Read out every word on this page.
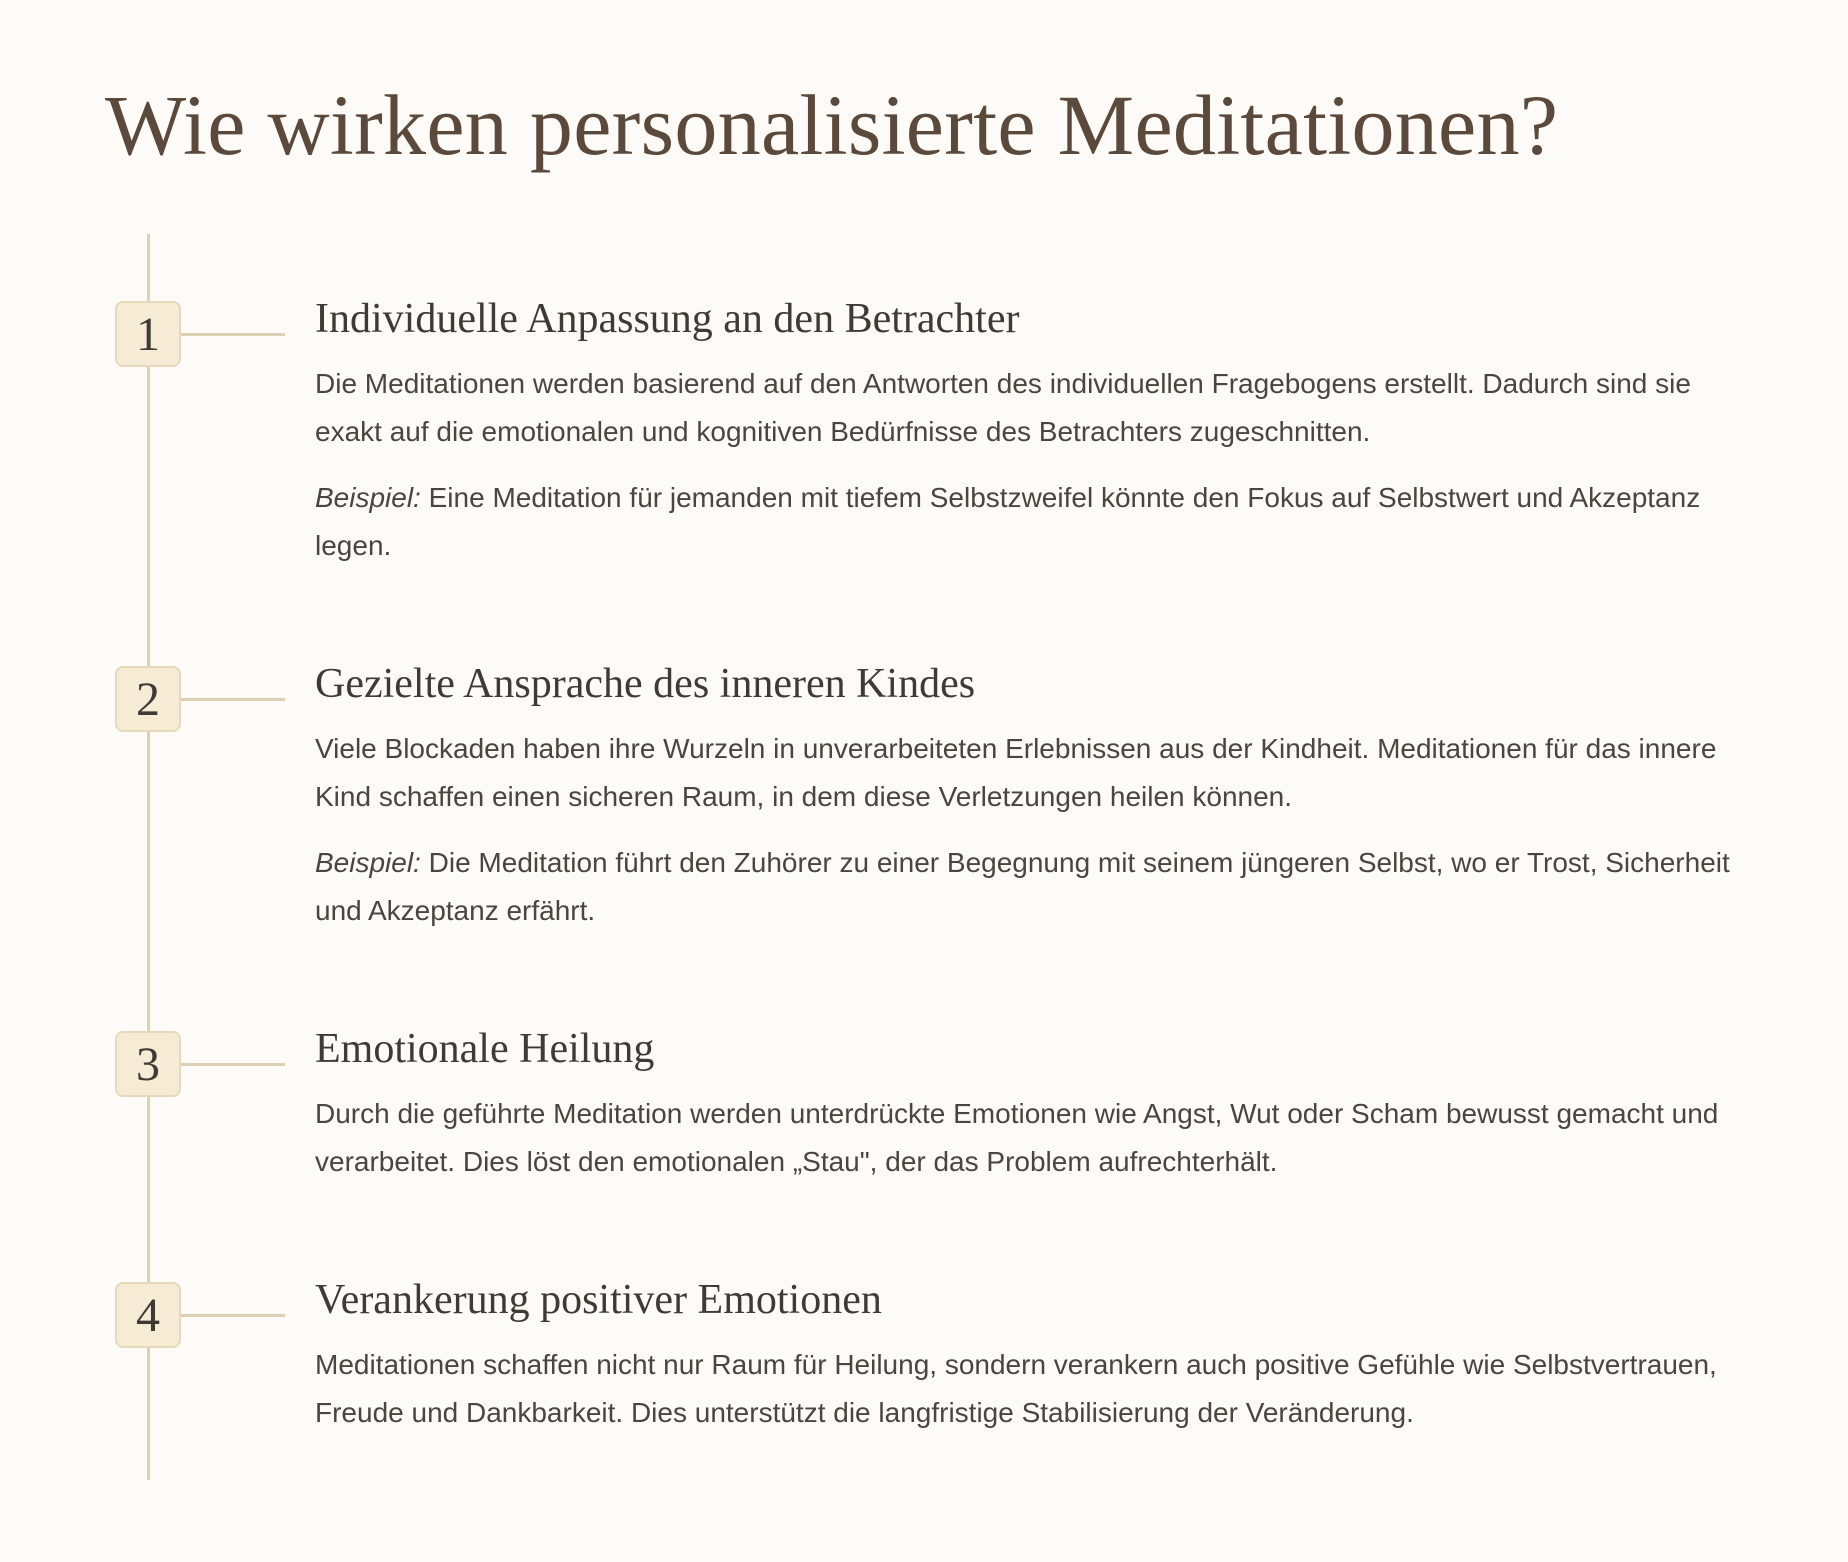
Wie wirken personalisierte Meditationen?
1	Individuelle Anpassung an den Betrachter

Die Meditationen werden basierend auf den Antworten des individuellen Fragebogens erstellt. Dadurch sind sie exakt auf die emotionalen und kognitiven Bedürfnisse des Betrachters zugeschnitten.

Beispiel: Eine Meditation für jemanden mit tiefem Selbstzweifel könnte den Fokus auf Selbstwert und Akzeptanz legen.

2	Gezielte Ansprache des inneren Kindes

Viele Blockaden haben ihre Wurzeln in unverarbeiteten Erlebnissen aus der Kindheit. Meditationen für das innere Kind schaffen einen sicheren Raum, in dem diese Verletzungen heilen können.

Beispiel: Die Meditation führt den Zuhörer zu einer Begegnung mit seinem jüngeren Selbst, wo er Trost, Sicherheit und Akzeptanz erfährt.

3	Emotionale Heilung

Durch die geführte Meditation werden unterdrückte Emotionen wie Angst, Wut oder Scham bewusst gemacht und verarbeitet. Dies löst den emotionalen „Stau", der das Problem aufrechterhält.

4	Verankerung positiver Emotionen

Meditationen schaffen nicht nur Raum für Heilung, sondern verankern auch positive Gefühle wie Selbstvertrauen, Freude und Dankbarkeit. Dies unterstützt die langfristige Stabilisierung der Veränderung.
